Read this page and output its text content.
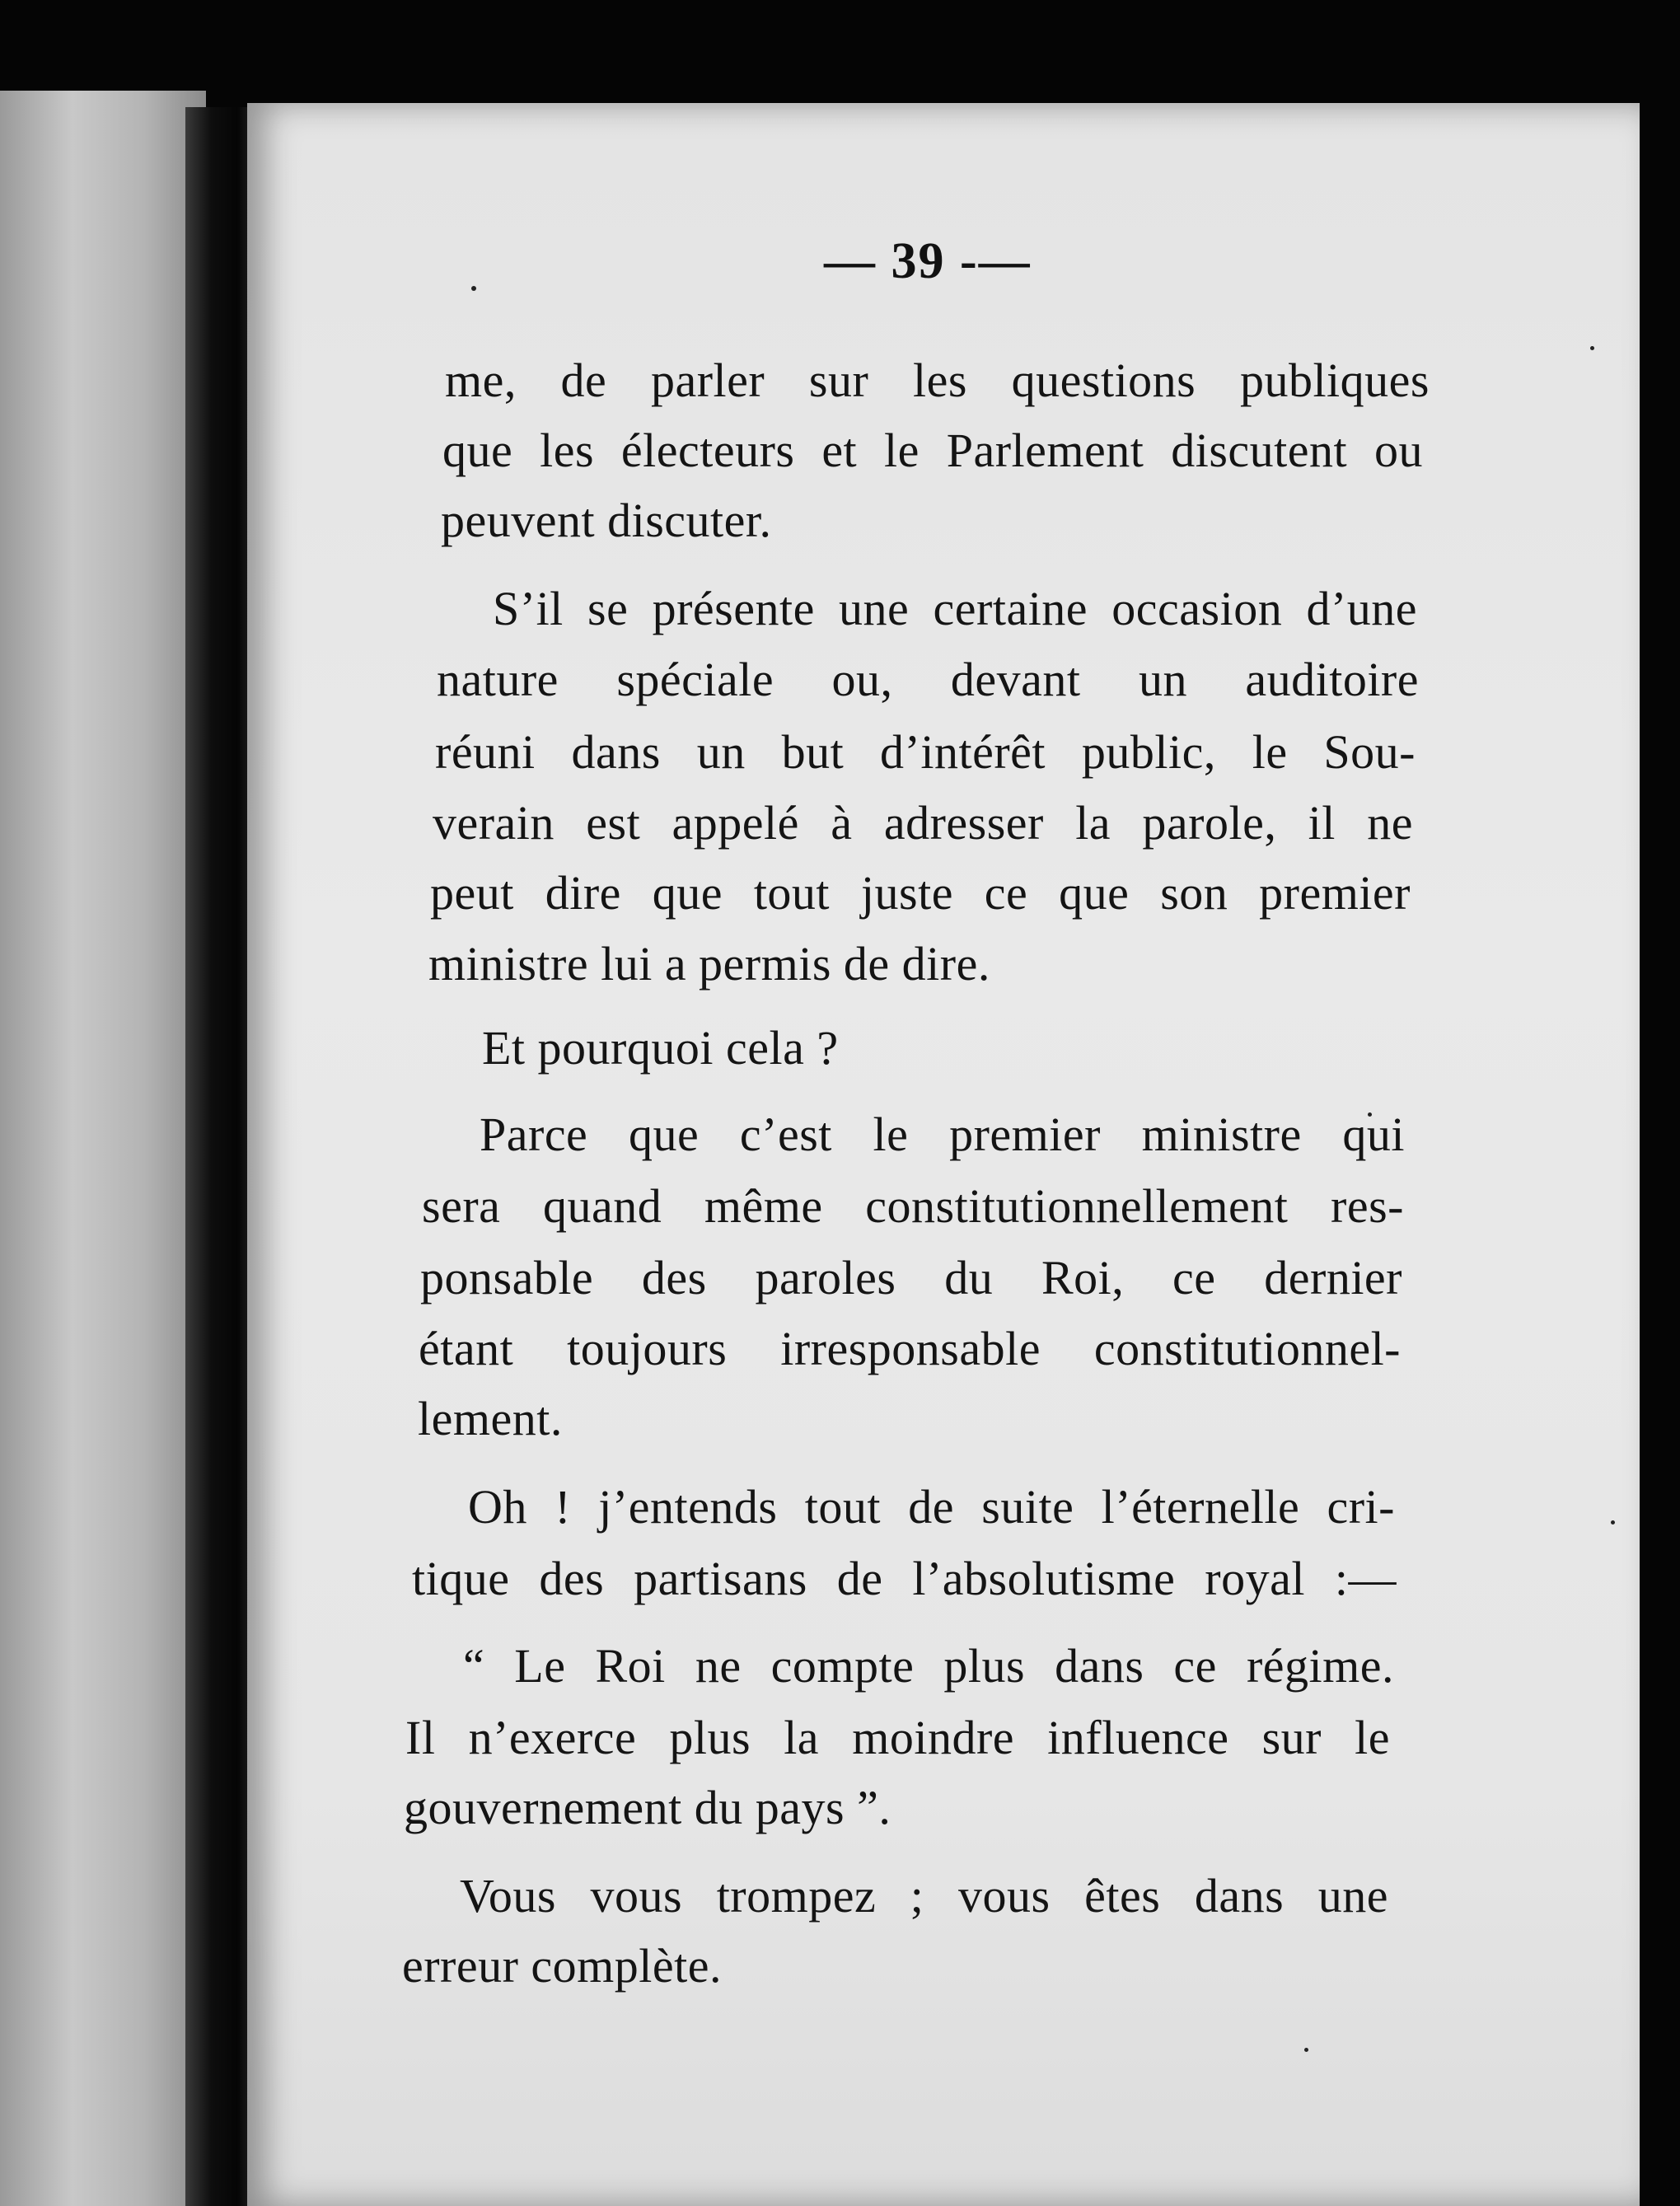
— 39 -—
me, de parler sur les questions publiques
que les électeurs et le Parlement discutent ou
peuvent discuter.
S’il se présente une certaine occasion d’une
nature spéciale ou, devant un auditoire
réuni dans un but d’intérêt public, le Sou-
verain est appelé à adresser la parole, il ne
peut dire que tout juste ce que son premier
ministre lui a permis de dire.
Et pourquoi cela ?
Parce que c’est le premier ministre qui
sera quand même constitutionnellement res-
ponsable des paroles du Roi, ce dernier
étant toujours irresponsable constitutionnel-
lement.
Oh ! j’entends tout de suite l’éternelle cri-
tique des partisans de l’absolutisme royal :—
“ Le Roi ne compte plus dans ce régime.
Il n’exerce plus la moindre influence sur le
gouvernement du pays ”.
Vous vous trompez ; vous êtes dans une
erreur complète.
